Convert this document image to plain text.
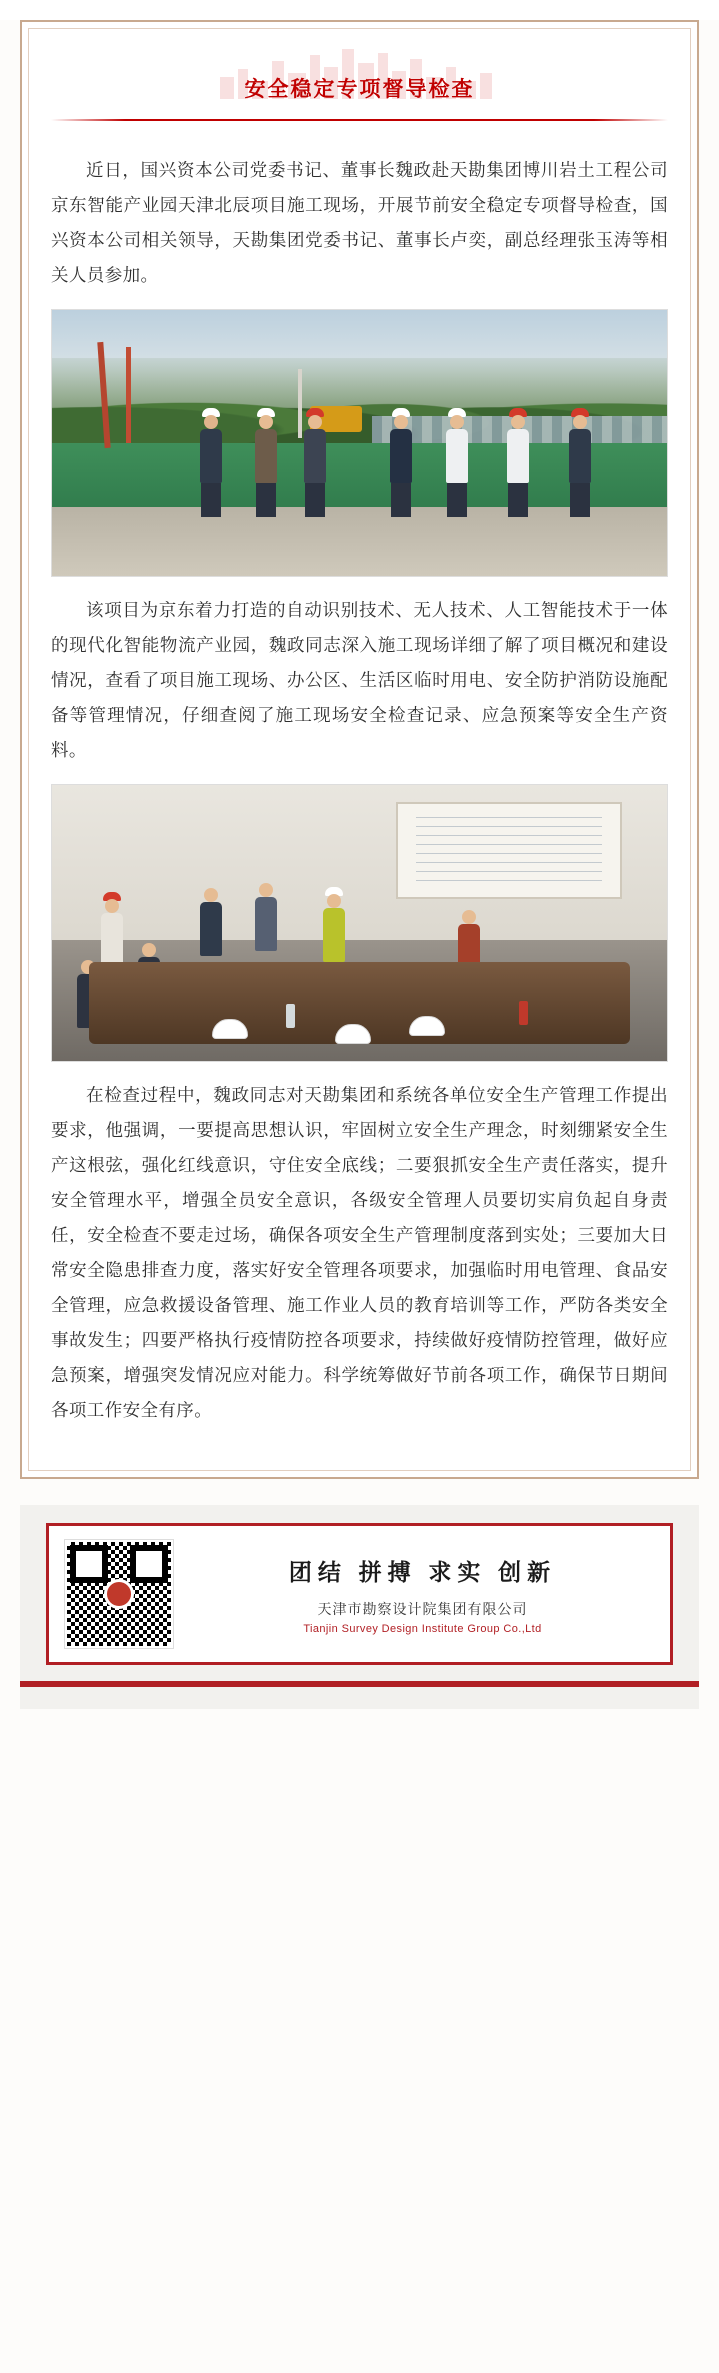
安全稳定专项督导检查

近日，国兴资本公司党委书记、董事长魏政赴天勘集团博川岩土工程公司京东智能产业园天津北辰项目施工现场，开展节前安全稳定专项督导检查，国兴资本公司相关领导，天勘集团党委书记、董事长卢奕，副总经理张玉涛等相关人员参加。

该项目为京东着力打造的自动识别技术、无人技术、人工智能技术于一体的现代化智能物流产业园，魏政同志深入施工现场详细了解了项目概况和建设情况，查看了项目施工现场、办公区、生活区临时用电、安全防护消防设施配备等管理情况，仔细查阅了施工现场安全检查记录、应急预案等安全生产资料。

在检查过程中，魏政同志对天勘集团和系统各单位安全生产管理工作提出要求，他强调，一要提高思想认识，牢固树立安全生产理念，时刻绷紧安全生产这根弦，强化红线意识，守住安全底线；二要狠抓安全生产责任落实，提升安全管理水平，增强全员安全意识，各级安全管理人员要切实肩负起自身责任，安全检查不要走过场，确保各项安全生产管理制度落到实处；三要加大日常安全隐患排查力度，落实好安全管理各项要求，加强临时用电管理、食品安全管理，应急救援设备管理、施工作业人员的教育培训等工作，严防各类安全事故发生；四要严格执行疫情防控各项要求，持续做好疫情防控管理，做好应急预案，增强突发情况应对能力。科学统筹做好节前各项工作，确保节日期间各项工作安全有序。

团结 拼搏 求实 创新
天津市勘察设计院集团有限公司
Tianjin Survey Design Institute Group Co.,Ltd
